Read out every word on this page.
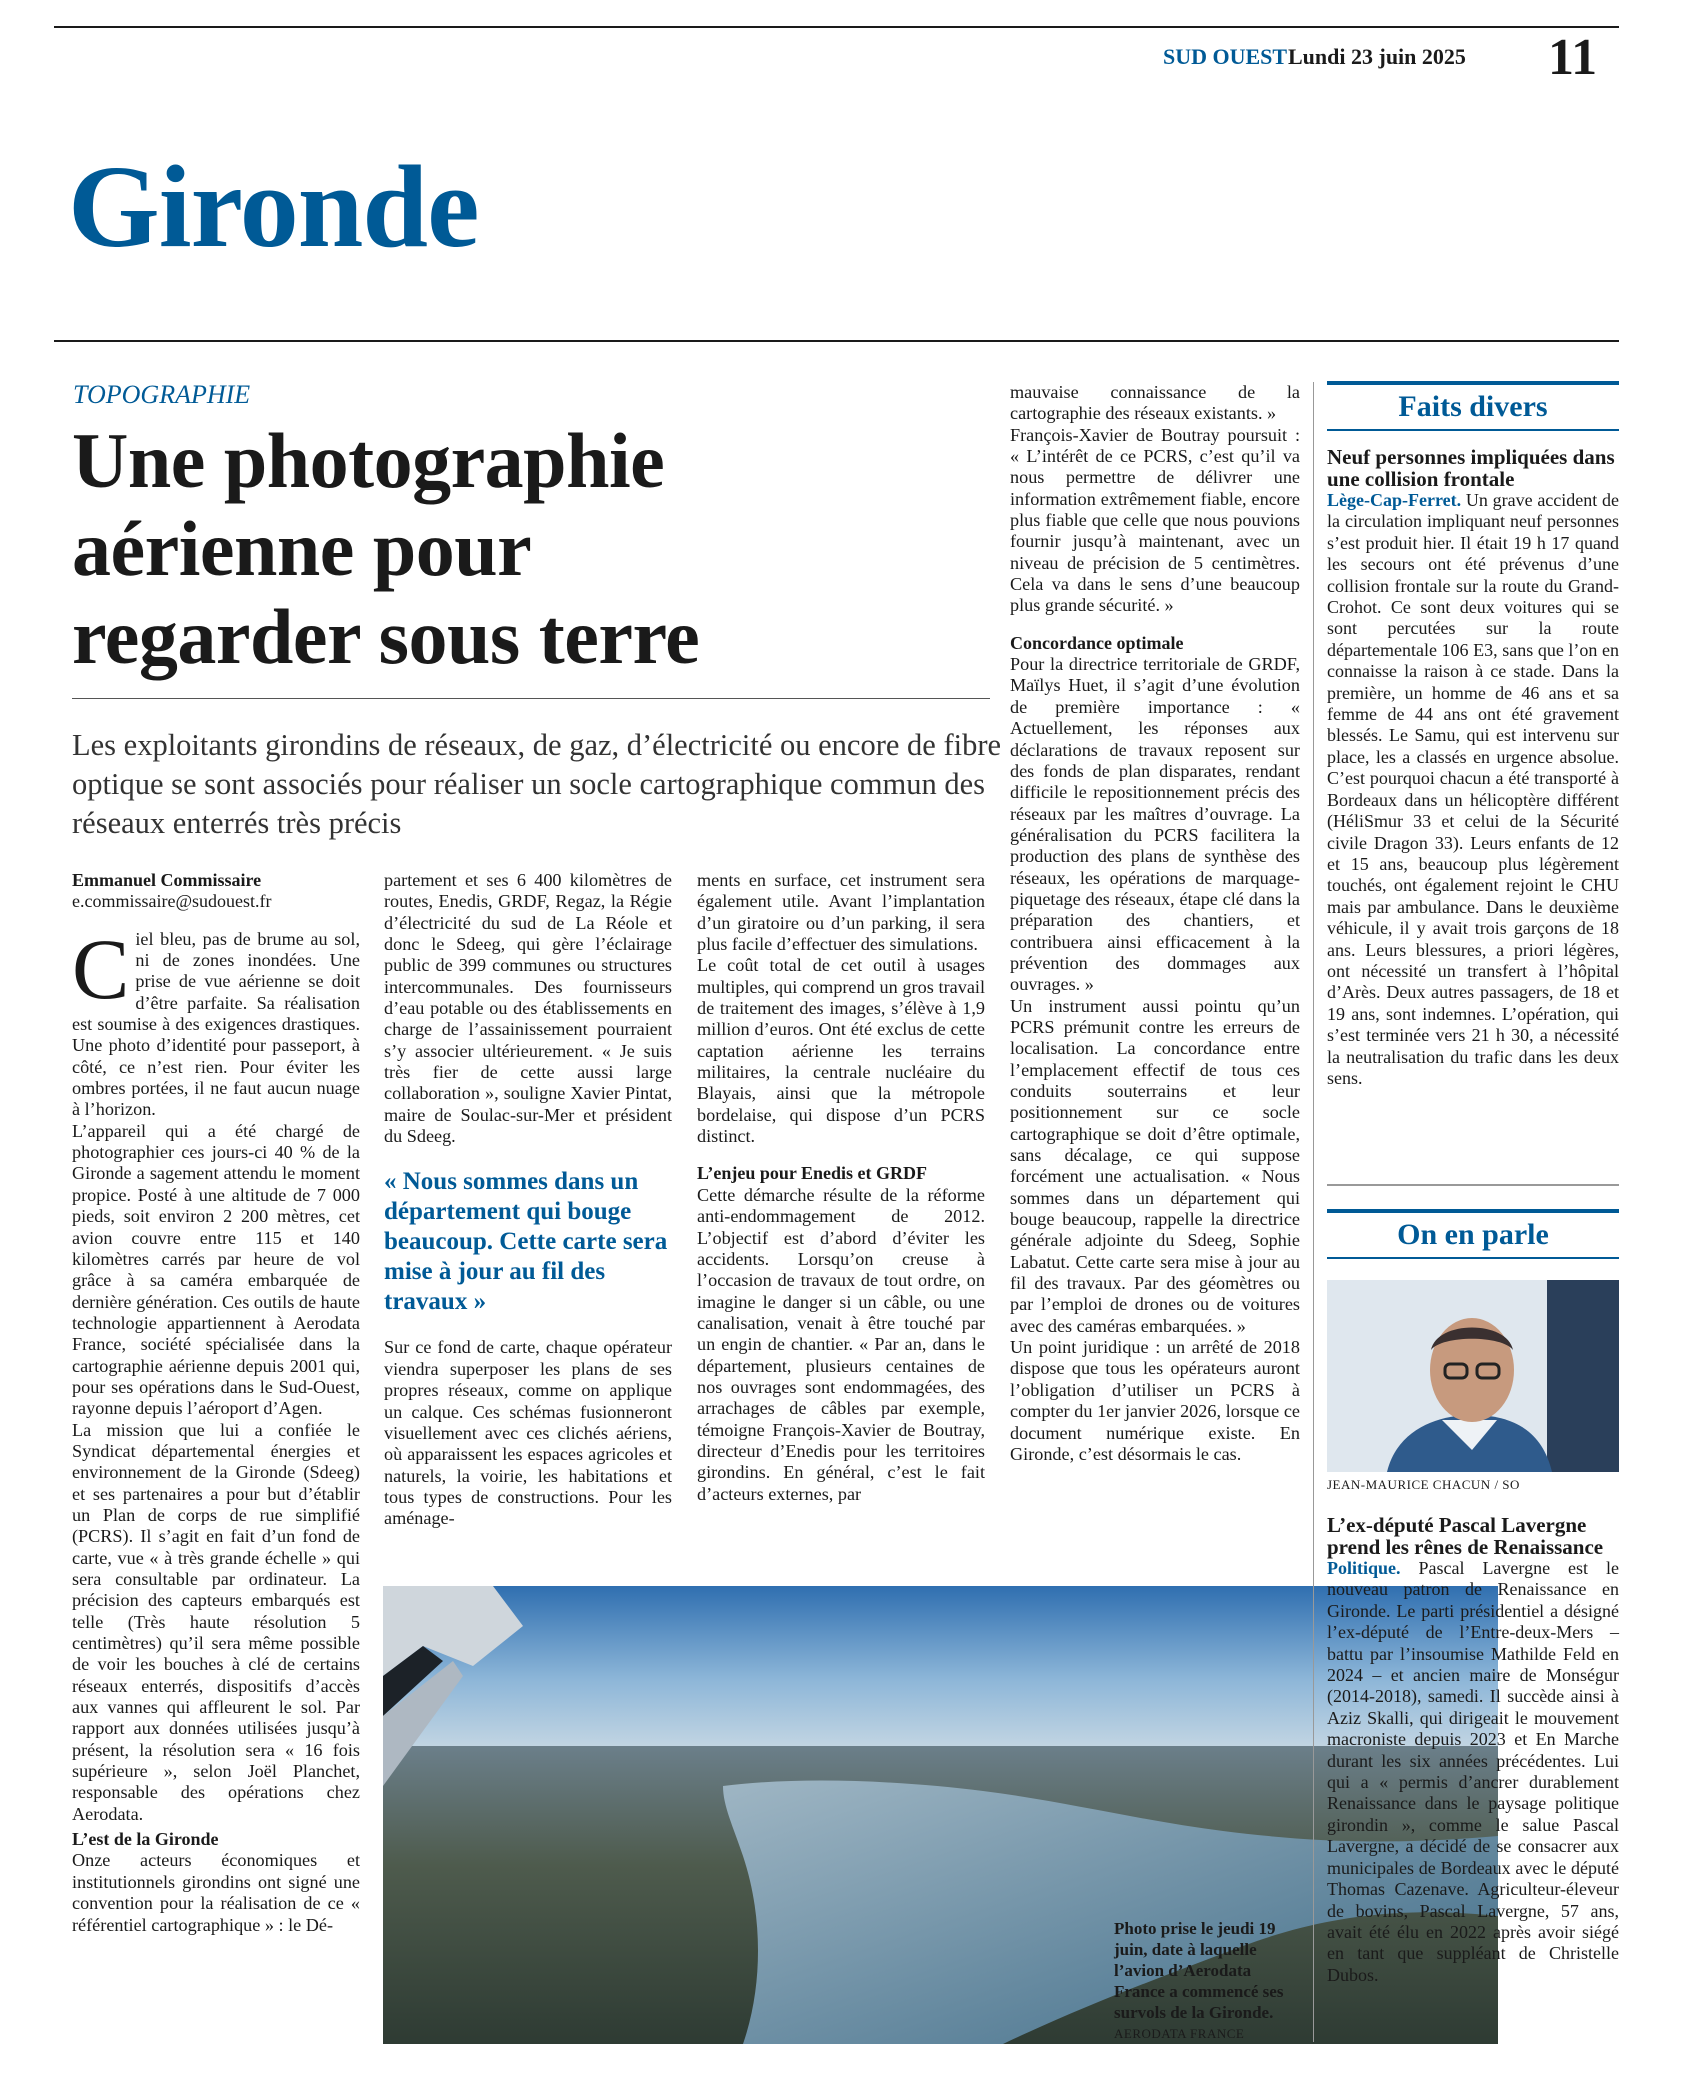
SUD OUEST Lundi 23 juin 2025 11
Gironde
TOPOGRAPHIE
Une photographie
aérienne pour
regarder sous terre
Les exploitants girondins de réseaux, de gaz, d’électricité ou encore de fibre optique se sont associés pour réaliser un socle cartographique commun des réseaux enterrés très précis
Emmanuel Commissaire
e.commissaire@sudouest.fr

Ciel bleu, pas de brume au sol, ni de zones inondées. Une prise de vue aérienne se doit d’être parfaite. Sa réalisation est soumise à des exigences drastiques. Une photo d’identité pour passeport, à côté, ce n’est rien. Pour éviter les ombres portées, il ne faut aucun nuage à l’horizon.

L’appareil qui a été chargé de photographier ces jours-ci 40 % de la Gironde a sagement attendu le moment propice. Posté à une altitude de 7 000 pieds, soit environ 2 200 mètres, cet avion couvre entre 115 et 140 kilomètres carrés par heure de vol grâce à sa caméra embarquée de dernière génération. Ces outils de haute technologie appartiennent à Aerodata France, société spécialisée dans la cartographie aérienne depuis 2001 qui, pour ses opérations dans le Sud-Ouest, rayonne depuis l’aéroport d’Agen.

La mission que lui a confiée le Syndicat départemental énergies et environnement de la Gironde (Sdeeg) et ses partenaires a pour but d’établir un Plan de corps de rue simplifié (PCRS). Il s’agit en fait d’un fond de carte, vue « à très grande échelle » qui sera consultable par ordinateur. La précision des capteurs embarqués est telle (Très haute résolution 5 centimètres) qu’il sera même possible de voir les bouches à clé de certains réseaux enterrés, dispositifs d’accès aux vannes qui affleurent le sol. Par rapport aux données utilisées jusqu’à présent, la résolution sera « 16 fois supérieure », selon Joël Planchet, responsable des opérations chez Aerodata.

L’est de la Gironde

Onze acteurs économiques et institutionnels girondins ont signé une convention pour la réalisation de ce « référentiel cartographique » : le Dé-

partement et ses 6 400 kilomètres de routes, Enedis, GRDF, Regaz, la Régie d’électricité du sud de La Réole et donc le Sdeeg, qui gère l’éclairage public de 399 communes ou structures intercommunales. Des fournisseurs d’eau potable ou des établissements en charge de l’assainissement pourraient s’y associer ultérieurement. « Je suis très fier de cette aussi large collaboration », souligne Xavier Pintat, maire de Soulac-sur-Mer et président du Sdeeg.

« Nous sommes dans un département qui bouge beaucoup. Cette carte sera mise à jour au fil des travaux »

Sur ce fond de carte, chaque opérateur viendra superposer les plans de ses propres réseaux, comme on applique un calque. Ces schémas fusionneront visuellement avec ces clichés aériens, où apparaissent les espaces agricoles et naturels, la voirie, les habitations et tous types de constructions. Pour les aménage-

ments en surface, cet instrument sera également utile. Avant l’implantation d’un giratoire ou d’un parking, il sera plus facile d’effectuer des simulations.

Le coût total de cet outil à usages multiples, qui comprend un gros travail de traitement des images, s’élève à 1,9 million d’euros. Ont été exclus de cette captation aérienne les terrains militaires, la centrale nucléaire du Blayais, ainsi que la métropole bordelaise, qui dispose d’un PCRS distinct.

L’enjeu pour Enedis et GRDF

Cette démarche résulte de la réforme anti-endommagement de 2012. L’objectif est d’abord d’éviter les accidents. Lorsqu’on creuse à l’occasion de travaux de tout ordre, on imagine le danger si un câble, ou une canalisation, venait à être touché par un engin de chantier. « Par an, dans le département, plusieurs centaines de nos ouvrages sont endommagées, des arrachages de câbles par exemple, témoigne François-Xavier de Boutray, directeur d’Enedis pour les territoires girondins. En général, c’est le fait d’acteurs externes, par

mauvaise connaissance de la cartographie des réseaux existants. »

François-Xavier de Boutray poursuit : « L’intérêt de ce PCRS, c’est qu’il va nous permettre de délivrer une information extrêmement fiable, encore plus fiable que celle que nous pouvions fournir jusqu’à maintenant, avec un niveau de précision de 5 centimètres. Cela va dans le sens d’une beaucoup plus grande sécurité. »

Concordance optimale

Pour la directrice territoriale de GRDF, Maïlys Huet, il s’agit d’une évolution de première importance : « Actuellement, les réponses aux déclarations de travaux reposent sur des fonds de plan disparates, rendant difficile le repositionnement précis des réseaux par les maîtres d’ouvrage. La généralisation du PCRS facilitera la production des plans de synthèse des réseaux, les opérations de marquage-piquetage des réseaux, étape clé dans la préparation des chantiers, et contribuera ainsi efficacement à la prévention des dommages aux ouvrages. »

Un instrument aussi pointu qu’un PCRS prémunit contre les erreurs de localisation. La concordance entre l’emplacement effectif de tous ces conduits souterrains et leur positionnement sur ce socle cartographique se doit d’être optimale, sans décalage, ce qui suppose forcément une actualisation. « Nous sommes dans un département qui bouge beaucoup, rappelle la directrice générale adjointe du Sdeeg, Sophie Labatut. Cette carte sera mise à jour au fil des travaux. Par des géomètres ou par l’emploi de drones ou de voitures avec des caméras embarquées. »

Un point juridique : un arrêté de 2018 dispose que tous les opérateurs auront l’obligation d’utiliser un PCRS à compter du 1er janvier 2026, lorsque ce document numérique existe. En Gironde, c’est désormais le cas.

Photo prise le jeudi 19 juin, date à laquelle l’avion d’Aerodata France a commencé ses survols de la Gironde.
AERODATA FRANCE
Faits divers
Neuf personnes impliquées dans une collision frontale
Lège-Cap-Ferret. Un grave accident de la circulation impliquant neuf personnes s’est produit hier. Il était 19 h 17 quand les secours ont été prévenus d’une collision frontale sur la route du Grand-Crohot. Ce sont deux voitures qui se sont percutées sur la route départementale 106 E3, sans que l’on en connaisse la raison à ce stade. Dans la première, un homme de 46 ans et sa femme de 44 ans ont été gravement blessés. Le Samu, qui est intervenu sur place, les a classés en urgence absolue. C’est pourquoi chacun a été transporté à Bordeaux dans un hélicoptère différent (HéliSmur 33 et celui de la Sécurité civile Dragon 33). Leurs enfants de 12 et 15 ans, beaucoup plus légèrement touchés, ont également rejoint le CHU mais par ambulance. Dans le deuxième véhicule, il y avait trois garçons de 18 ans. Leurs blessures, a priori légères, ont nécessité un transfert à l’hôpital d’Arès. Deux autres passagers, de 18 et 19 ans, sont indemnes. L’opération, qui s’est terminée vers 21 h 30, a nécessité la neutralisation du trafic dans les deux sens.
On en parle
JEAN-MAURICE CHACUN / SO
L’ex-député Pascal Lavergne prend les rênes de Renaissance
Politique. Pascal Lavergne est le nouveau patron de Renaissance en Gironde. Le parti présidentiel a désigné l’ex-député de l’Entre-deux-Mers – battu par l’insoumise Mathilde Feld en 2024 – et ancien maire de Monségur (2014-2018), samedi. Il succède ainsi à Aziz Skalli, qui dirigeait le mouvement macroniste depuis 2023 et En Marche durant les six années précédentes. Lui qui a « permis d’ancrer durablement Renaissance dans le paysage politique girondin », comme le salue Pascal Lavergne, a décidé de se consacrer aux municipales de Bordeaux avec le député Thomas Cazenave. Agriculteur-éleveur de bovins, Pascal Lavergne, 57 ans, avait été élu en 2022 après avoir siégé en tant que suppléant de Christelle Dubos.
